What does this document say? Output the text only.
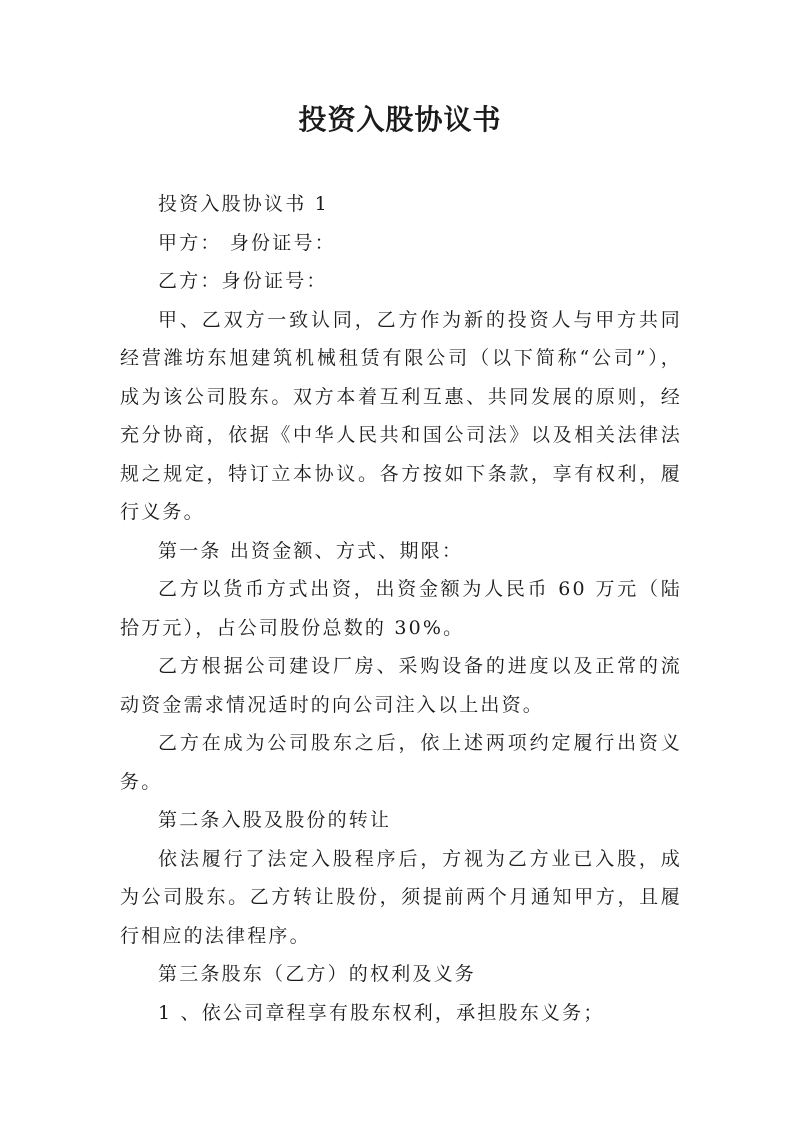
投资入股协议书

投资入股协议书 1

甲方： 身份证号：

乙方：身份证号：

甲、乙双方一致认同，乙方作为新的投资人与甲方共同经营潍坊东旭建筑机械租赁有限公司（以下简称“公司”），成为该公司股东。双方本着互利互惠、共同发展的原则，经充分协商，依据《中华人民共和国公司法》以及相关法律法规之规定，特订立本协议。各方按如下条款，享有权利，履行义务。

第一条 出资金额、方式、期限：

乙方以货币方式出资，出资金额为人民币 60 万元（陆拾万元），占公司股份总数的 30%。

乙方根据公司建设厂房、采购设备的进度以及正常的流动资金需求情况适时的向公司注入以上出资。

乙方在成为公司股东之后，依上述两项约定履行出资义务。

第二条入股及股份的转让

依法履行了法定入股程序后，方视为乙方业已入股，成为公司股东。乙方转让股份，须提前两个月通知甲方，且履行相应的法律程序。

第三条股东（乙方）的权利及义务

1 、依公司章程享有股东权利，承担股东义务；
